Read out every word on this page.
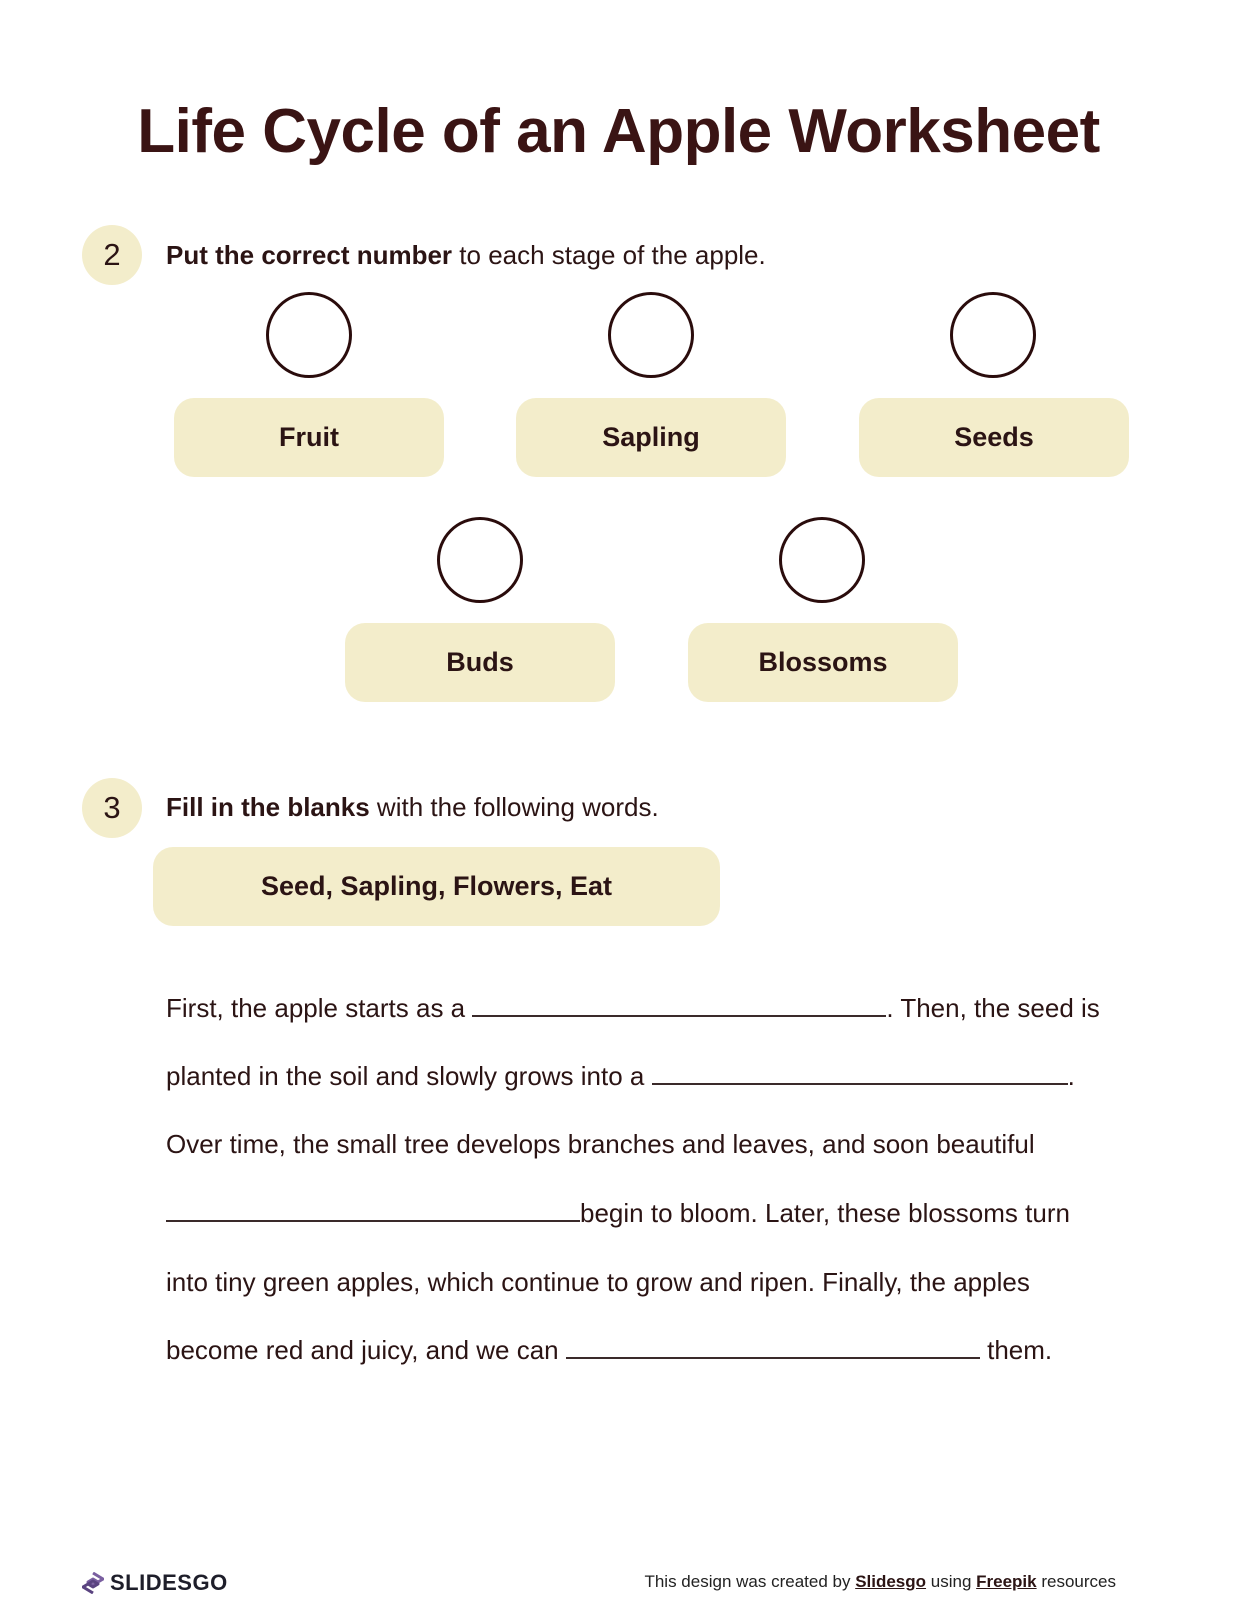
Life Cycle of an Apple Worksheet
2 Put the correct number to each stage of the apple.
Fruit	Sapling	Seeds
Buds	Blossoms
3 Fill in the blanks with the following words.
Seed, Sapling, Flowers, Eat
First, the apple starts as a	. Then, the seed is
planted in the soil and slowly grows into a	.
Over time, the small tree develops branches and leaves, and soon beautiful
begin to bloom. Later, these blossoms turn
into tiny green apples, which continue to grow and ripen. Finally, the apples
become red and juicy, and we can	them.
SLIDESGO	This design was created by Slidesgo using Freepik resources
